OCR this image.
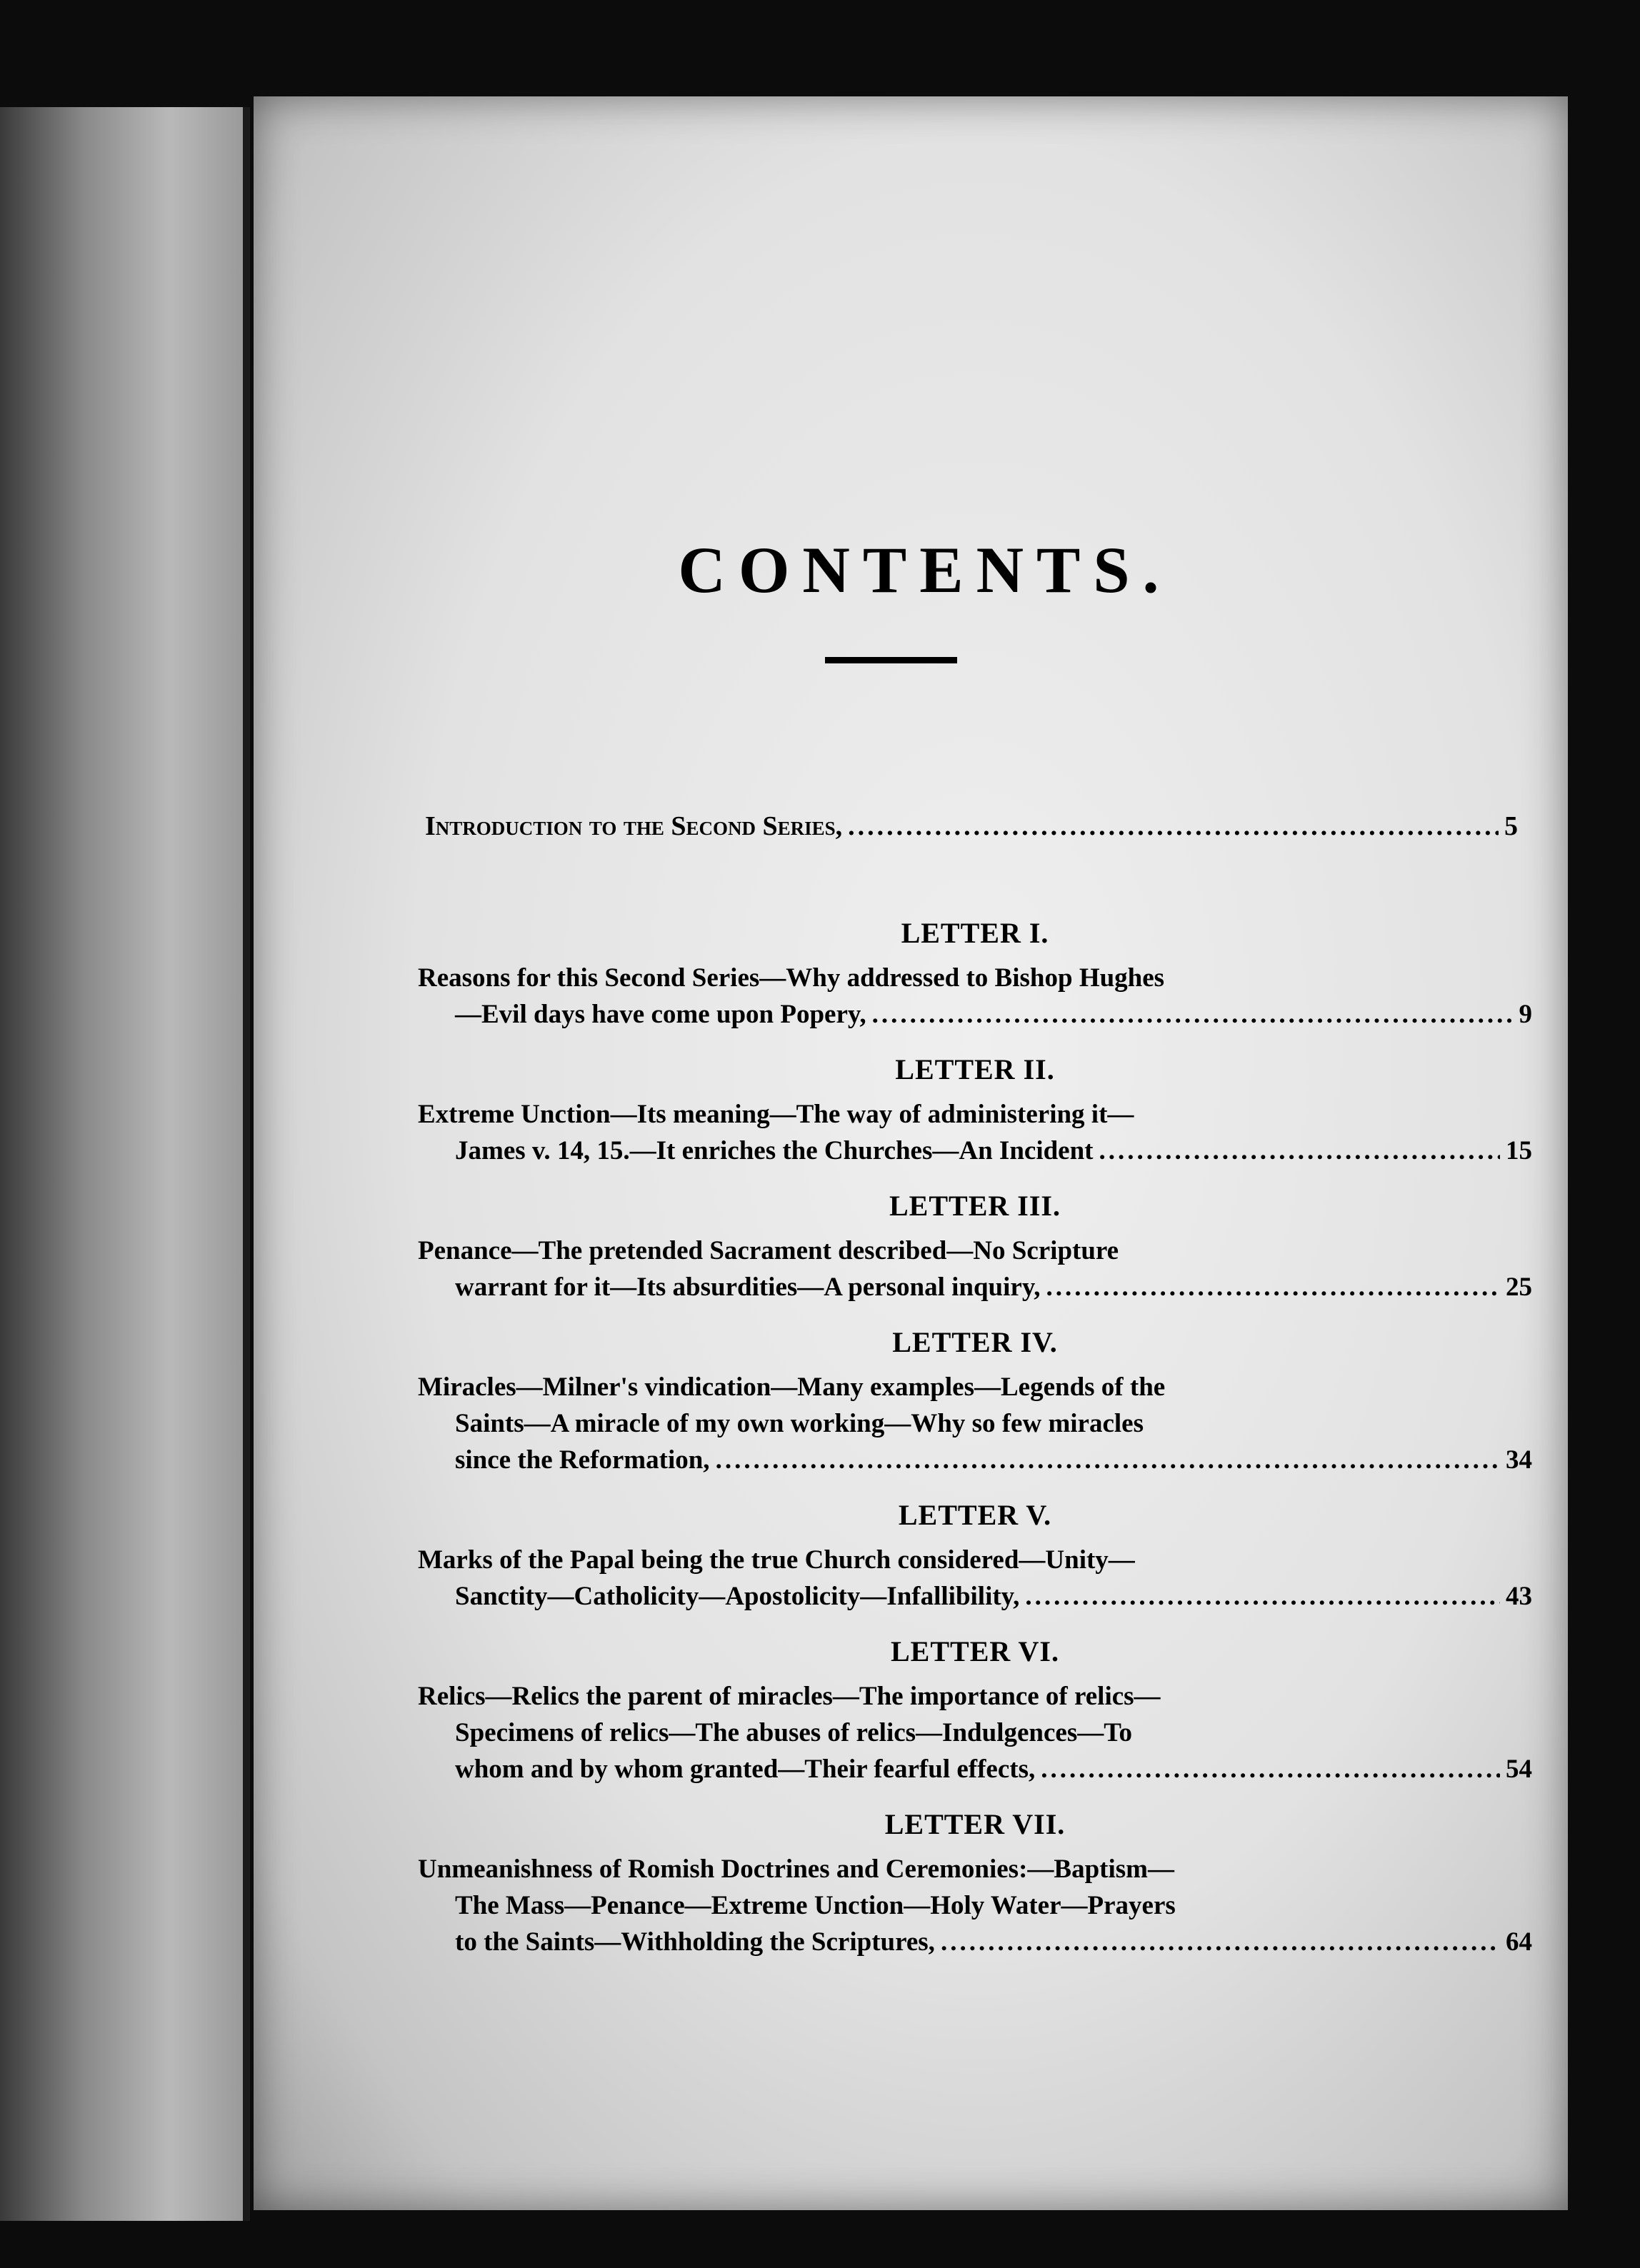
CONTENTS.
Introduction to the Second Series, .....	5
LETTER I.
Reasons for this Second Series—Why addressed to Bishop Hughes
—Evil days have come upon Popery, .....	9
LETTER II.
Extreme Unction—Its meaning—The way of administering it—
James v. 14, 15.—It enriches the Churches—An Incident .....	15
LETTER III.
Penance—The pretended Sacrament described—No Scripture
warrant for it—Its absurdities—A personal inquiry, .....	25
LETTER IV.
Miracles—Milner's vindication—Many examples—Legends of the
Saints—A miracle of my own working—Why so few miracles
since the Reformation, .....	34
LETTER V.
Marks of the Papal being the true Church considered—Unity—
Sanctity—Catholicity—Apostolicity—Infallibility, .....	43
LETTER VI.
Relics—Relics the parent of miracles—The importance of relics—
Specimens of relics—The abuses of relics—Indulgences—To
whom and by whom granted—Their fearful effects, .....	54
LETTER VII.
Unmeanishness of Romish Doctrines and Ceremonies:—Baptism—
The Mass—Penance—Extreme Unction—Holy Water—Prayers
to the Saints—Withholding the Scriptures, .....	64
